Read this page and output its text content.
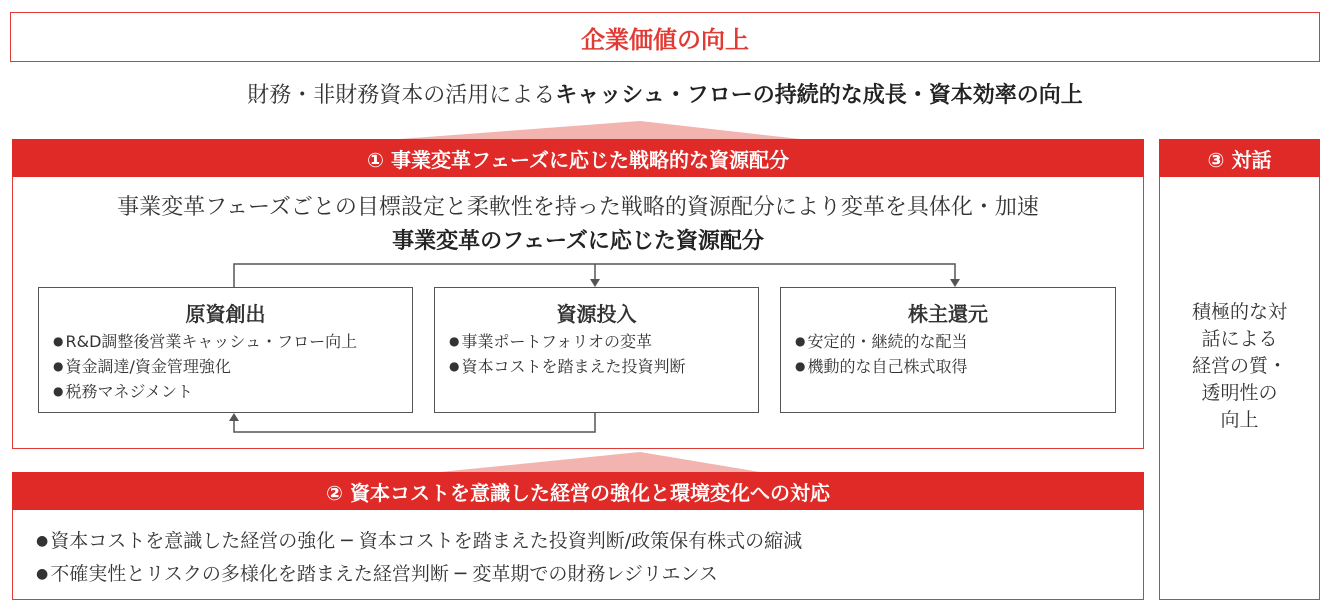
企業価値の向上
財務・非財務資本の活用によるキャッシュ・フローの持続的な成長・資本効率の向上
① 事業変革フェーズに応じた戦略的な資源配分
事業変革フェーズごとの目標設定と柔軟性を持った戦略的資源配分により変革を具体化・加速
事業変革のフェーズに応じた資源配分
原資創出
● R&D調整後営業キャッシュ・フロー向上
● 資金調達/資金管理強化
● 税務マネジメント
資源投入
● 事業ポートフォリオの変革
● 資本コストを踏まえた投資判断
株主還元
● 安定的・継続的な配当
● 機動的な自己株式取得
② 資本コストを意識した経営の強化と環境変化への対応
● 資本コストを意識した経営の強化 ─ 資本コストを踏まえた投資判断/政策保有株式の縮減
● 不確実性とリスクの多様化を踏まえた経営判断 ─ 変革期での財務レジリエンス
③ 対話
積極的な対
話による
経営の質・
透明性の
向上
